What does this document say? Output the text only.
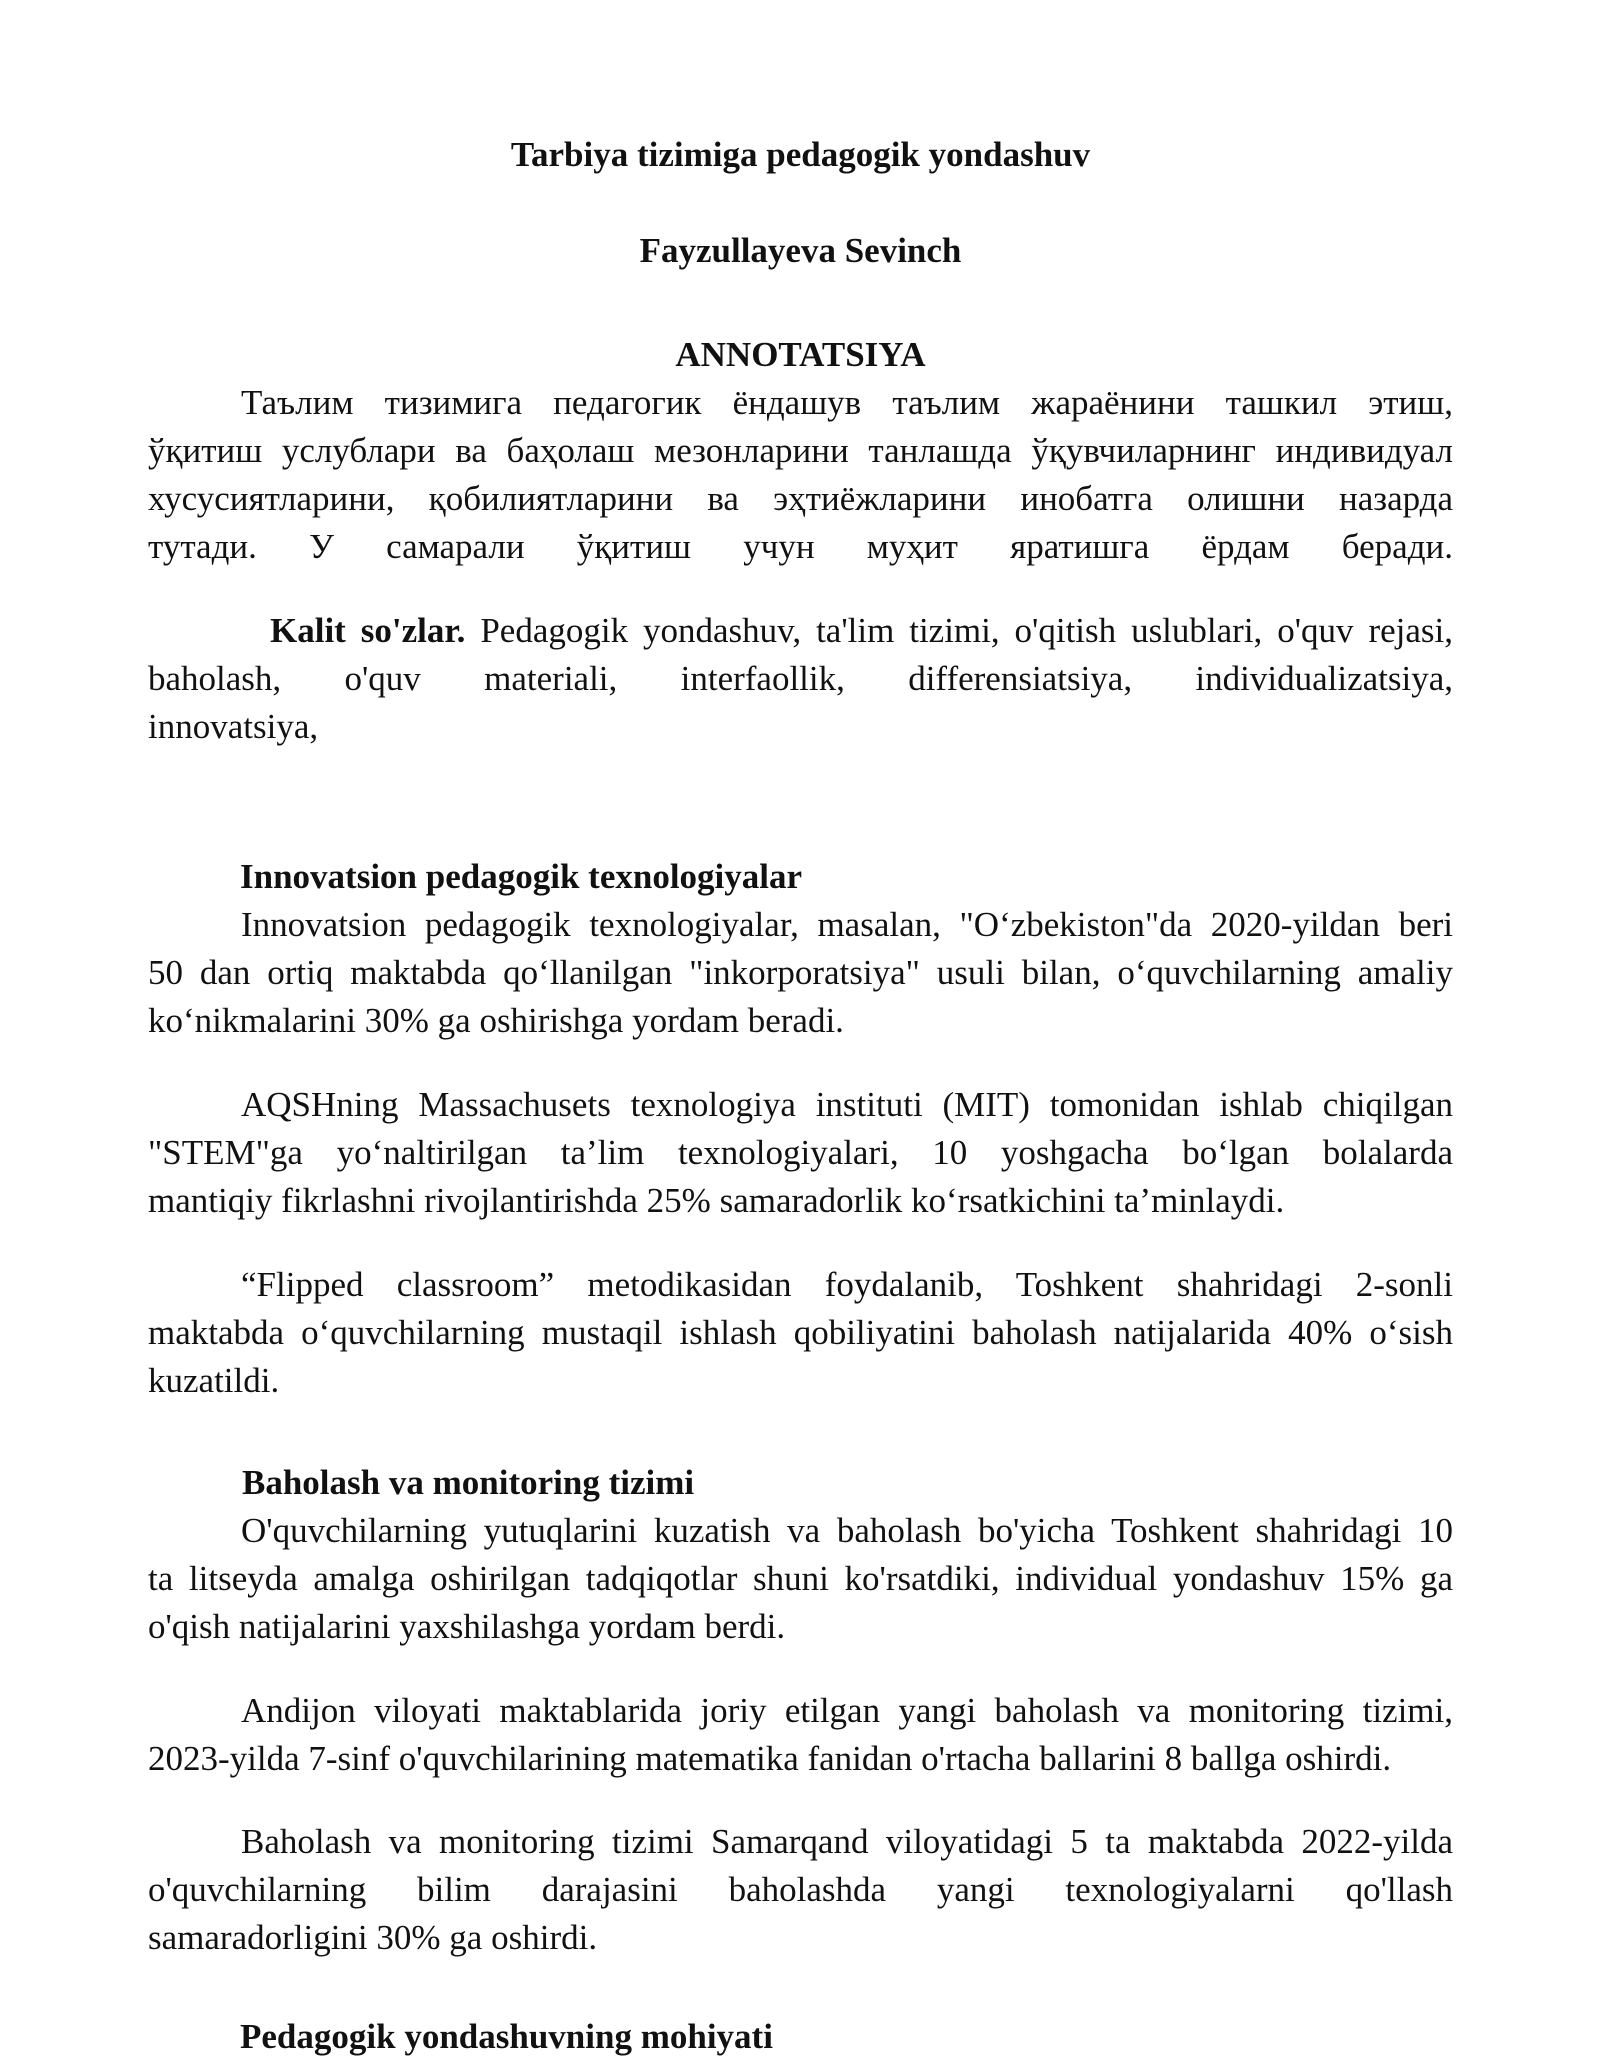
Tarbiya tizimiga pedagogik yondashuv
Fayzullayeva Sevinch
ANNOTATSIYA
Таълим тизимига педагогик ёндашув таълим жараёнини ташкил этиш,
ўқитиш услублари ва баҳолаш мезонларини танлашда ўқувчиларнинг индивидуал
хусусиятларини, қобилиятларини ва эҳтиёжларини инобатга олишни назарда
тутади. У самарали ўқитиш учун муҳит яратишга ёрдам беради.
Kalit so'zlar. Pedagogik yondashuv, ta'lim tizimi, o'qitish uslublari, o'quv rejasi,
baholash, o'quv materiali, interfaollik, differensiatsiya, individualizatsiya,
innovatsiya,
Innovatsion pedagogik texnologiyalar
Innovatsion pedagogik texnologiyalar, masalan, "O‘zbekiston"da 2020-yildan beri
50 dan ortiq maktabda qo‘llanilgan "inkorporatsiya" usuli bilan, o‘quvchilarning amaliy
ko‘nikmalarini 30% ga oshirishga yordam beradi.
AQSHning Massachusets texnologiya instituti (MIT) tomonidan ishlab chiqilgan
"STEM"ga yo‘naltirilgan ta’lim texnologiyalari, 10 yoshgacha bo‘lgan bolalarda
mantiqiy fikrlashni rivojlantirishda 25% samaradorlik ko‘rsatkichini ta’minlaydi.
“Flipped classroom” metodikasidan foydalanib, Toshkent shahridagi 2-sonli
maktabda o‘quvchilarning mustaqil ishlash qobiliyatini baholash natijalarida 40% o‘sish
kuzatildi.
Baholash va monitoring tizimi
O'quvchilarning yutuqlarini kuzatish va baholash bo'yicha Toshkent shahridagi 10
ta litseyda amalga oshirilgan tadqiqotlar shuni ko'rsatdiki, individual yondashuv 15% ga
o'qish natijalarini yaxshilashga yordam berdi.
Andijon viloyati maktablarida joriy etilgan yangi baholash va monitoring tizimi,
2023-yilda 7-sinf o'quvchilarining matematika fanidan o'rtacha ballarini 8 ballga oshirdi.
Baholash va monitoring tizimi Samarqand viloyatidagi 5 ta maktabda 2022-yilda
o'quvchilarning bilim darajasini baholashda yangi texnologiyalarni qo'llash
samaradorligini 30% ga oshirdi.
Pedagogik yondashuvning mohiyati
